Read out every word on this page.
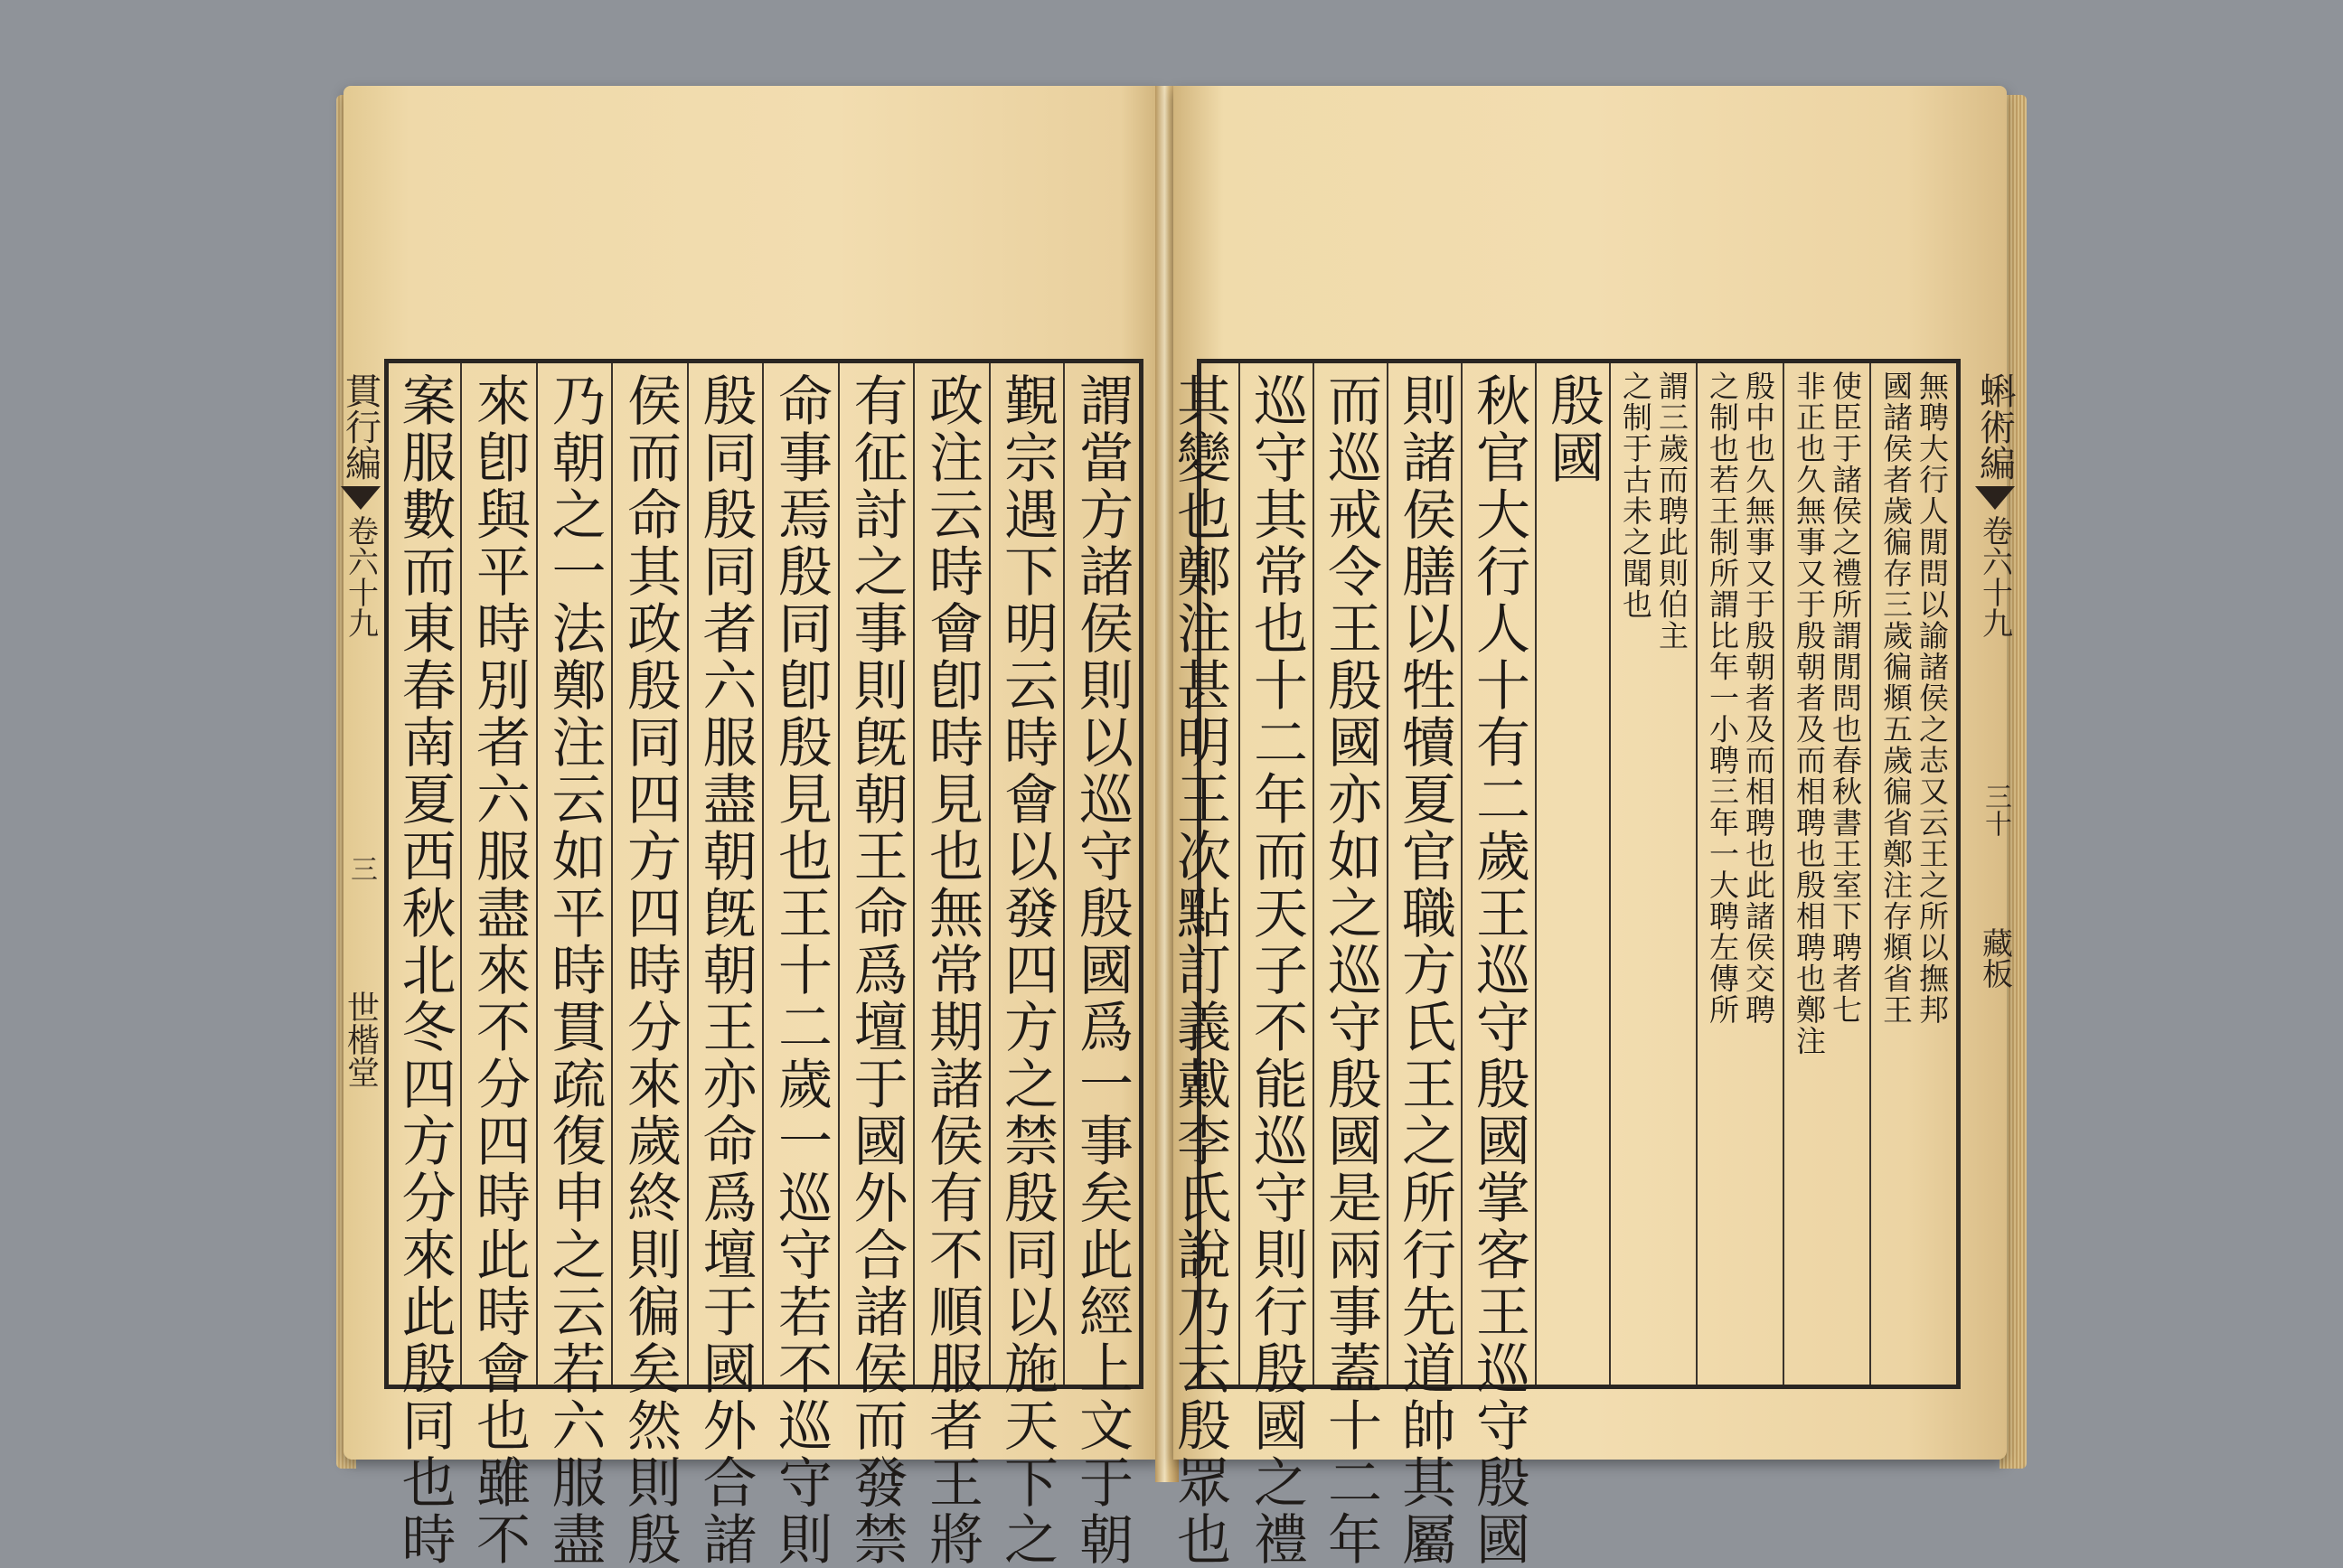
貫行編
卷六十九
三
世楷堂	謂當方諸侯則以巡守殷國爲一事矣此經上文于朝
覲宗遇下明云時會以發四方之禁殷同以施天下之
政注云時會卽時見也無常期諸侯有不順服者王將
有征討之事則旣朝王命爲壇于國外合諸侯而發禁
命事焉殷同卽殷見也王十二歲一巡守若不巡守則
殷同殷同者六服盡朝旣朝王亦命爲壇于國外合諸
侯而命其政殷同四方四時分來歲終則徧矣然則殷
乃朝之一法鄭注云如平時貫疏復申之云若六服盡
來卽與平時別者六服盡來不分四時此時會也雖不
案服數而東春南夏西秋北冬四方分來此殷同也時	蝌術編
卷六十九
三十
藏板
無聘大行人閒問以諭諸侯之志又云王之所以撫邦
國諸侯者歲徧存三歲徧頫五歲徧省鄭注存頫省王
使臣于諸侯之禮所謂閒問也春秋書王室下聘者七
非正也久無事又于殷朝者及而相聘也殷相聘也鄭注
殷中也久無事又于殷朝者及而相聘也此諸侯交聘
之制也若王制所謂比年一小聘三年一大聘左傳所
謂三歲而聘此則伯主
之制于古未之聞也
殷國
秋官大行人十有二歲王巡守殷國掌客王巡守殷國
則諸侯膳以牲犢夏官職方氏王之所行先道帥其屬
而巡戒令王殷國亦如之巡守殷國是兩事蓋十二年
巡守其常也十二年而天子不能巡守則行殷國之禮
其變也鄭注甚明王次點訂義戴李氏說乃云殷眾也
